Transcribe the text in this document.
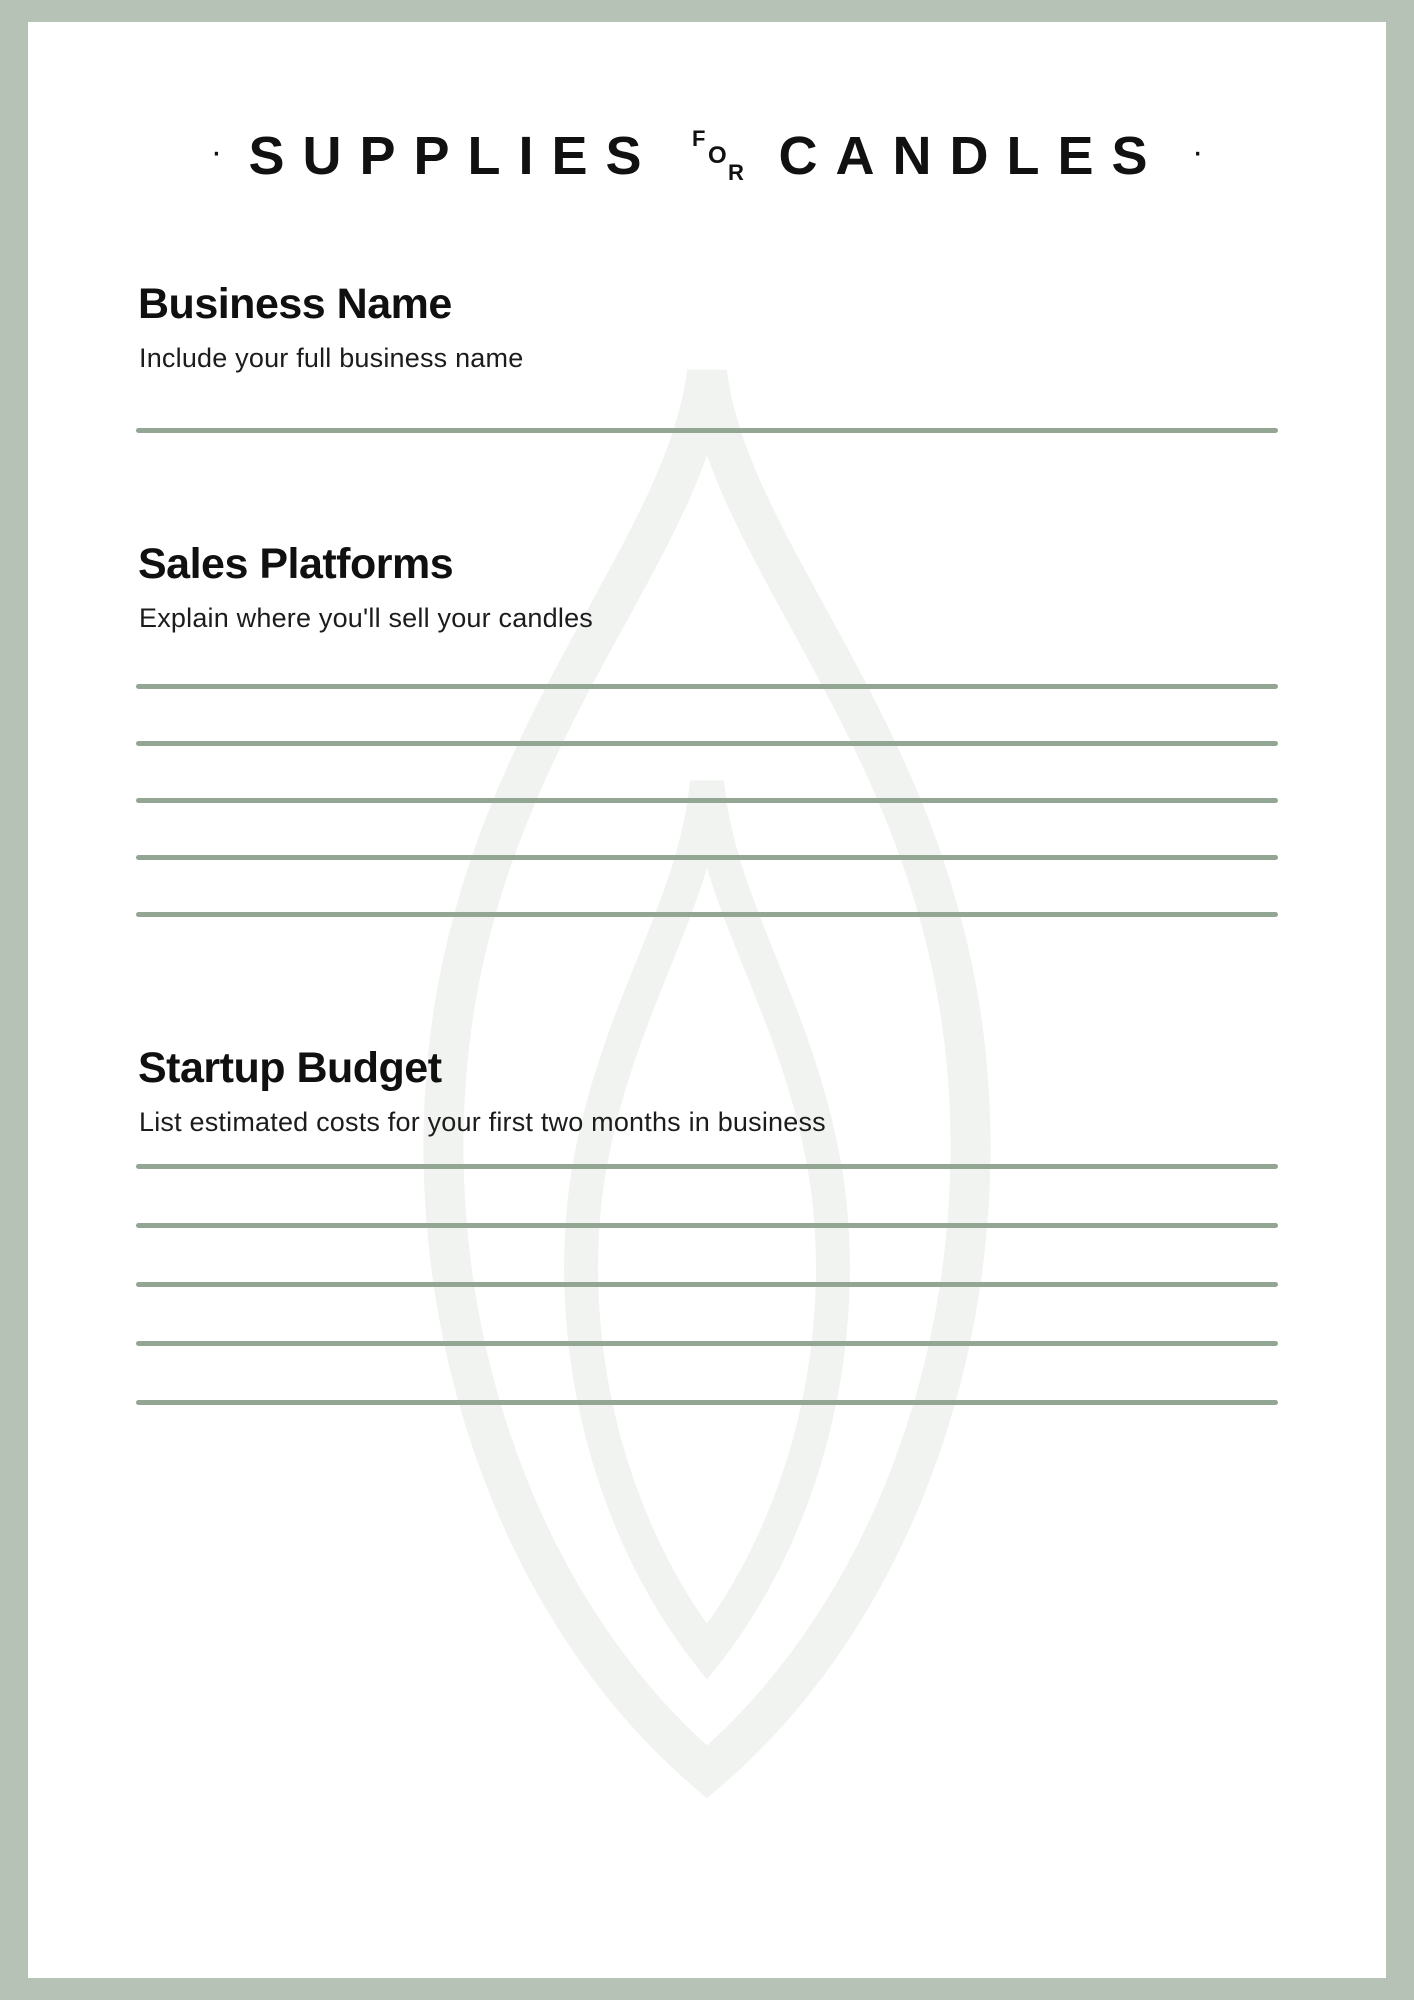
· SUPPLIES F
O
R CANDLES ·
Business Name

Include your full business name

Sales Platforms

Explain where you'll sell your candles

Startup Budget

List estimated costs for your first two months in business
